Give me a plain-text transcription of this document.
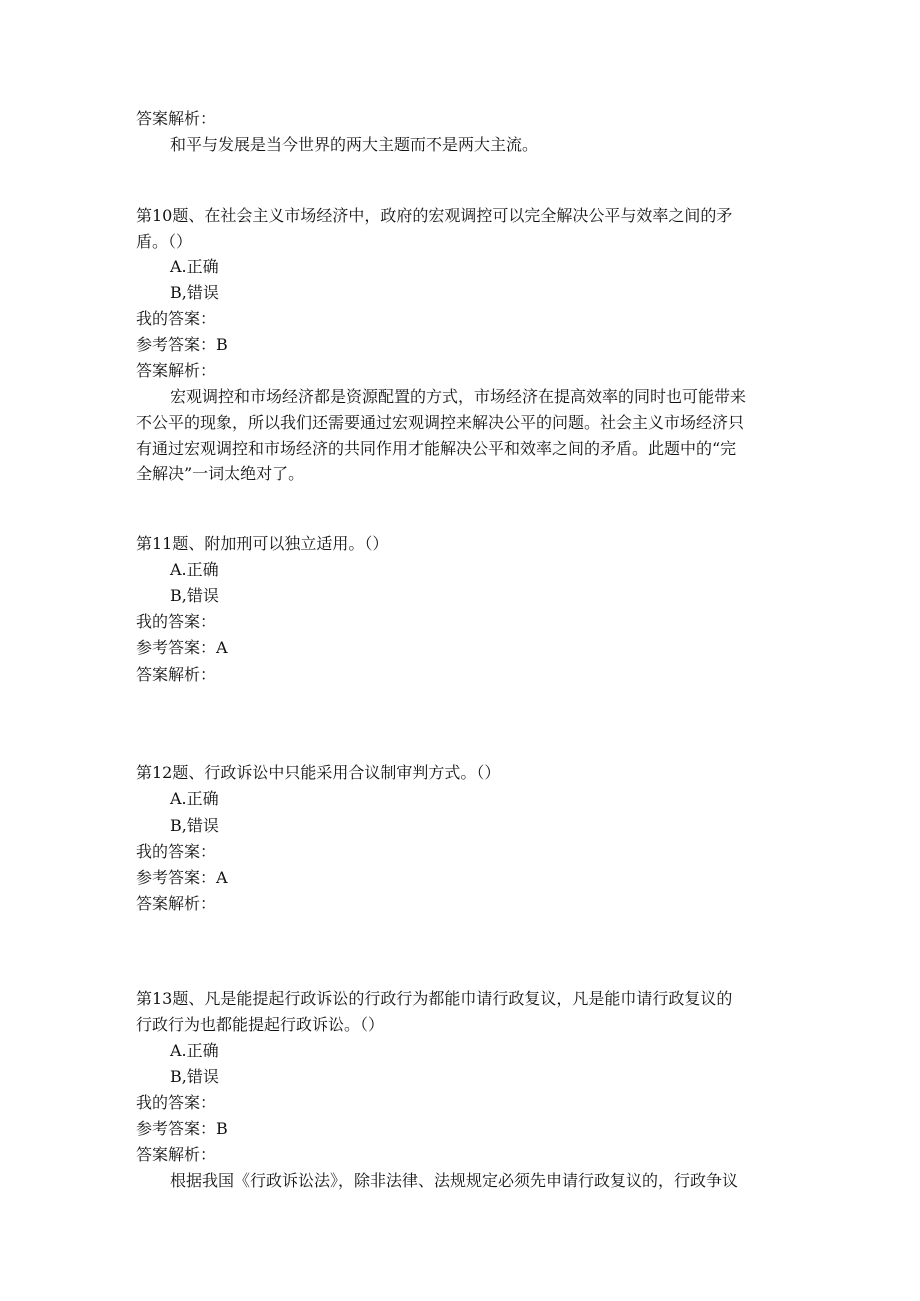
答案解析：
和平与发展是当今世界的两大主题而不是两大主流。
第10题、在社会主义市场经济中，政府的宏观调控可以完全解决公平与效率之间的矛
盾。（）
A.正确
B,错误
我的答案：
参考答案：B
答案解析：
宏观调控和市场经济都是资源配置的方式，市场经济在提高效率的同时也可能带来
不公平的现象，所以我们还需要通过宏观调控来解决公平的问题。社会主义市场经济只
有通过宏观调控和市场经济的共同作用才能解决公平和效率之间的矛盾。此题中的“完
全解决”一词太绝对了。
第11题、附加刑可以独立适用。（）
A.正确
B,错误
我的答案：
参考答案：A
答案解析：
第12题、行政诉讼中只能采用合议制审判方式。（）
A.正确
B,错误
我的答案：
参考答案：A
答案解析：
第13题、凡是能提起行政诉讼的行政行为都能巾请行政复议，凡是能巾请行政复议的
行政行为也都能提起行政诉讼。（）
A.正确
B,错误
我的答案：
参考答案：B
答案解析：
根据我国《行政诉讼法》，除非法律、法规规定必须先申请行政复议的，行政争议
